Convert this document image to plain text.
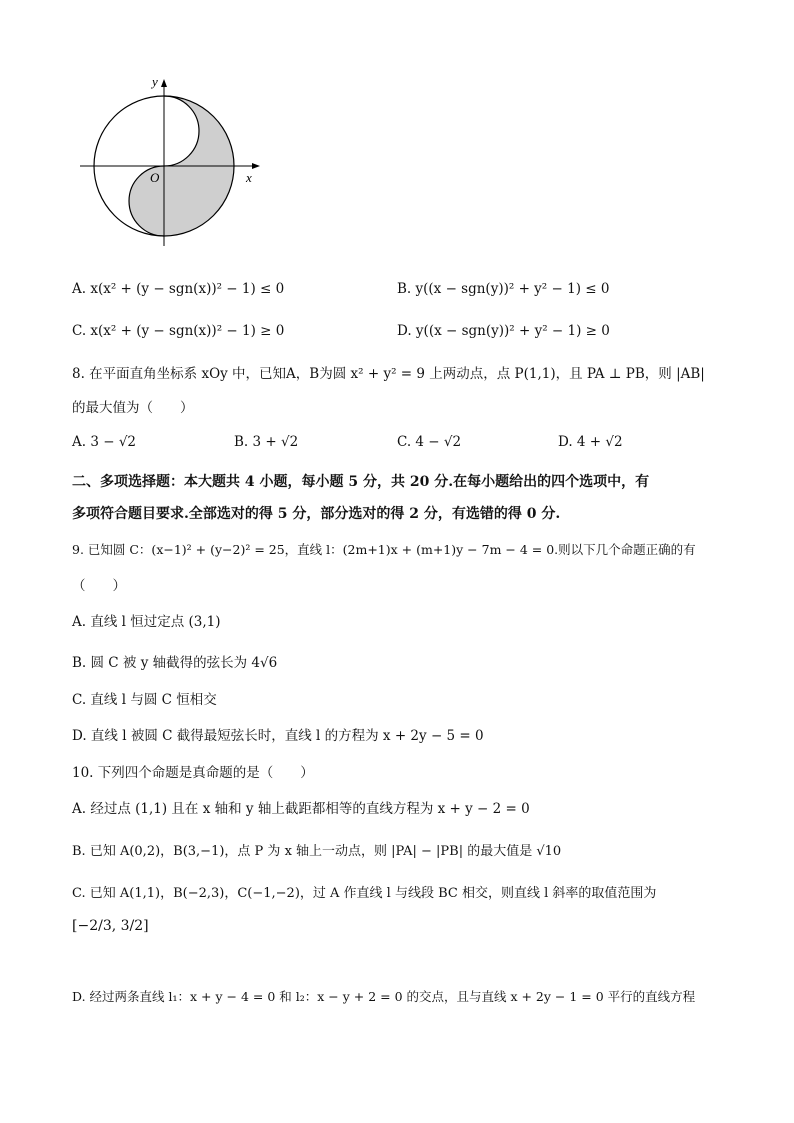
x
y
O
A. x(x² + (y − sgn(x))² − 1) ≤ 0	B. y((x − sgn(y))² + y² − 1) ≤ 0
C. x(x² + (y − sgn(x))² − 1) ≥ 0	D. y((x − sgn(y))² + y² − 1) ≥ 0
8. 在平面直角坐标系 xOy 中，已知A，B为圆 x² + y² = 9 上两动点，点 P(1,1)，且 PA ⊥ PB，则 |AB|
的最大值为（　　）
A. 3 − √2	B. 3 + √2	C. 4 − √2	D. 4 + √2
二、多项选择题：本大题共 4 小题，每小题 5 分，共 20 分.在每小题给出的四个选项中，有
多项符合题目要求.全部选对的得 5 分，部分选对的得 2 分，有选错的得 0 分.
9. 已知圆 C：(x−1)² + (y−2)² = 25，直线 l：(2m+1)x + (m+1)y − 7m − 4 = 0.则以下几个命题正确的有
（　　）
A. 直线 l 恒过定点 (3,1)
B. 圆 C 被 y 轴截得的弦长为 4√6
C. 直线 l 与圆 C 恒相交
D. 直线 l 被圆 C 截得最短弦长时，直线 l 的方程为 x + 2y − 5 = 0
10. 下列四个命题是真命题的是（　　）
A. 经过点 (1,1) 且在 x 轴和 y 轴上截距都相等的直线方程为 x + y − 2 = 0
B. 已知 A(0,2)，B(3,−1)，点 P 为 x 轴上一动点，则 |PA| − |PB| 的最大值是 √10
C. 已知 A(1,1)，B(−2,3)，C(−1,−2)，过 A 作直线 l 与线段 BC 相交，则直线 l 斜率的取值范围为
[−2/3, 3/2]
D. 经过两条直线 l₁：x + y − 4 = 0 和 l₂：x − y + 2 = 0 的交点，且与直线 x + 2y − 1 = 0 平行的直线方程
